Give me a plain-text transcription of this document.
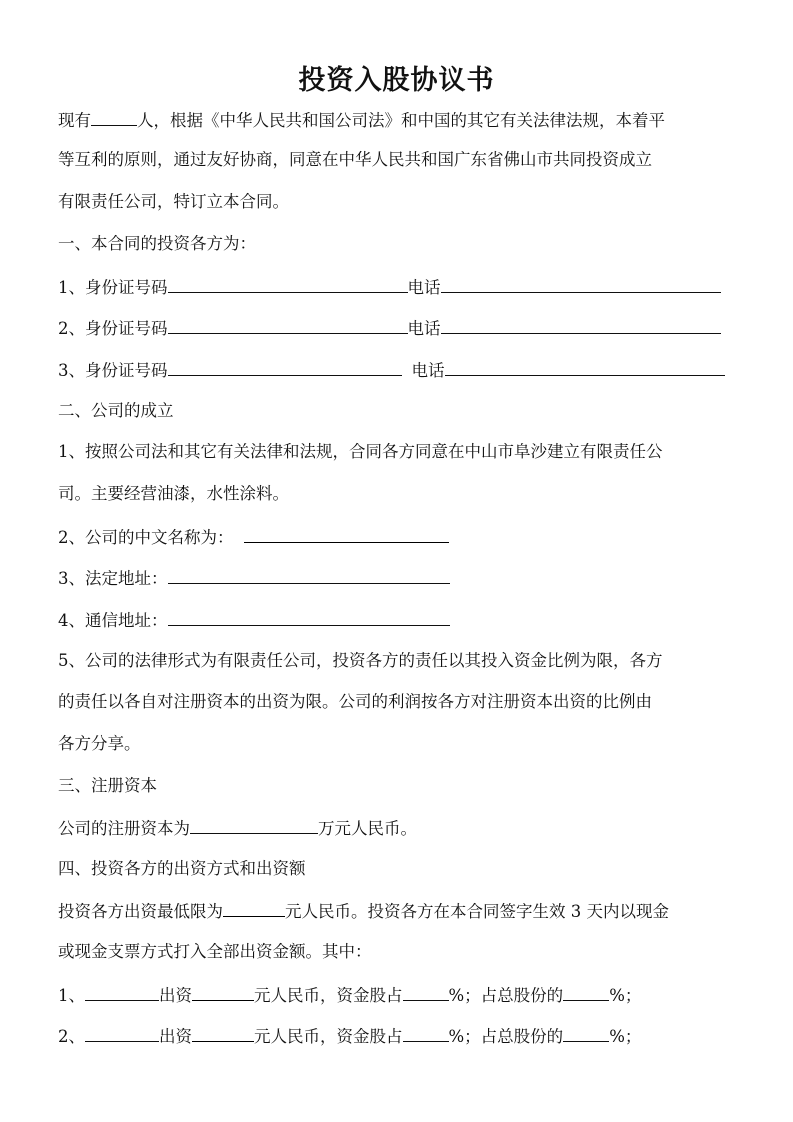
投资入股协议书
现有	人，根据《中华人民共和国公司法》和中国的其它有关法律法规，本着平
等互利的原则，通过友好协商，同意在中华人民共和国广东省佛山市共同投资成立
有限责任公司，特订立本合同。
一、本合同的投资各方为：
1、身份证号码	电话
2、身份证号码	电话
3、身份证号码	电话
二、公司的成立
1、按照公司法和其它有关法律和法规，合同各方同意在中山市阜沙建立有限责任公
司。主要经营油漆，水性涂料。
2、公司的中文名称为：
3、法定地址：
4、通信地址：
5、公司的法律形式为有限责任公司，投资各方的责任以其投入资金比例为限，各方
的责任以各自对注册资本的出资为限。公司的利润按各方对注册资本出资的比例由
各方分享。
三、注册资本
公司的注册资本为	万元人民币。
四、投资各方的出资方式和出资额
投资各方出资最低限为	元人民币。投资各方在本合同签字生效 3 天内以现金
或现金支票方式打入全部出资金额。其中：
1、	出资	元人民币，资金股占	%；占总股份的	%；
2、	出资	元人民币，资金股占	%；占总股份的	%；
